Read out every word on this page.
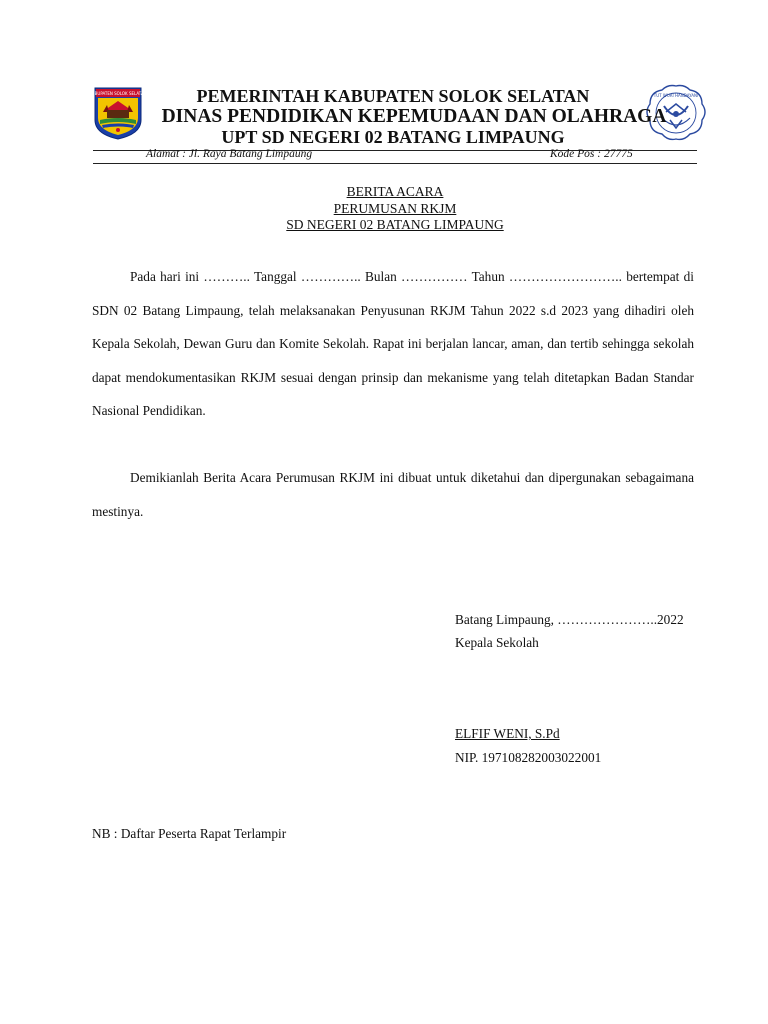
KABUPATEN SOLOK SELATAN	TUT WURI HANDAYANI
PEMERINTAH KABUPATEN SOLOK SELATAN
DINAS PENDIDIKAN KEPEMUDAAN DAN OLAHRAGA
UPT SD NEGERI 02 BATANG LIMPAUNG
Alamat : Jl. Raya Batang Limpaung	Kode Pos : 27775
BERITA ACARA
PERUMUSAN RKJM
SD NEGERI 02 BATANG LIMPAUNG
Pada hari ini ……….. Tanggal ………….. Bulan …………… Tahun …………………….. bertempat di SDN 02 Batang Limpaung, telah melaksanakan Penyusunan RKJM Tahun 2022 s.d 2023 yang dihadiri oleh Kepala Sekolah, Dewan Guru dan Komite Sekolah. Rapat ini berjalan lancar, aman, dan tertib sehingga sekolah dapat mendokumentasikan RKJM sesuai dengan prinsip dan mekanisme yang telah ditetapkan Badan Standar Nasional Pendidikan.
Demikianlah Berita Acara Perumusan RKJM ini dibuat untuk diketahui dan dipergunakan sebagaimana mestinya.
Batang Limpaung, …………………..2022
Kepala Sekolah
ELFIF WENI, S.Pd
NIP. 197108282003022001
NB : Daftar Peserta Rapat Terlampir
